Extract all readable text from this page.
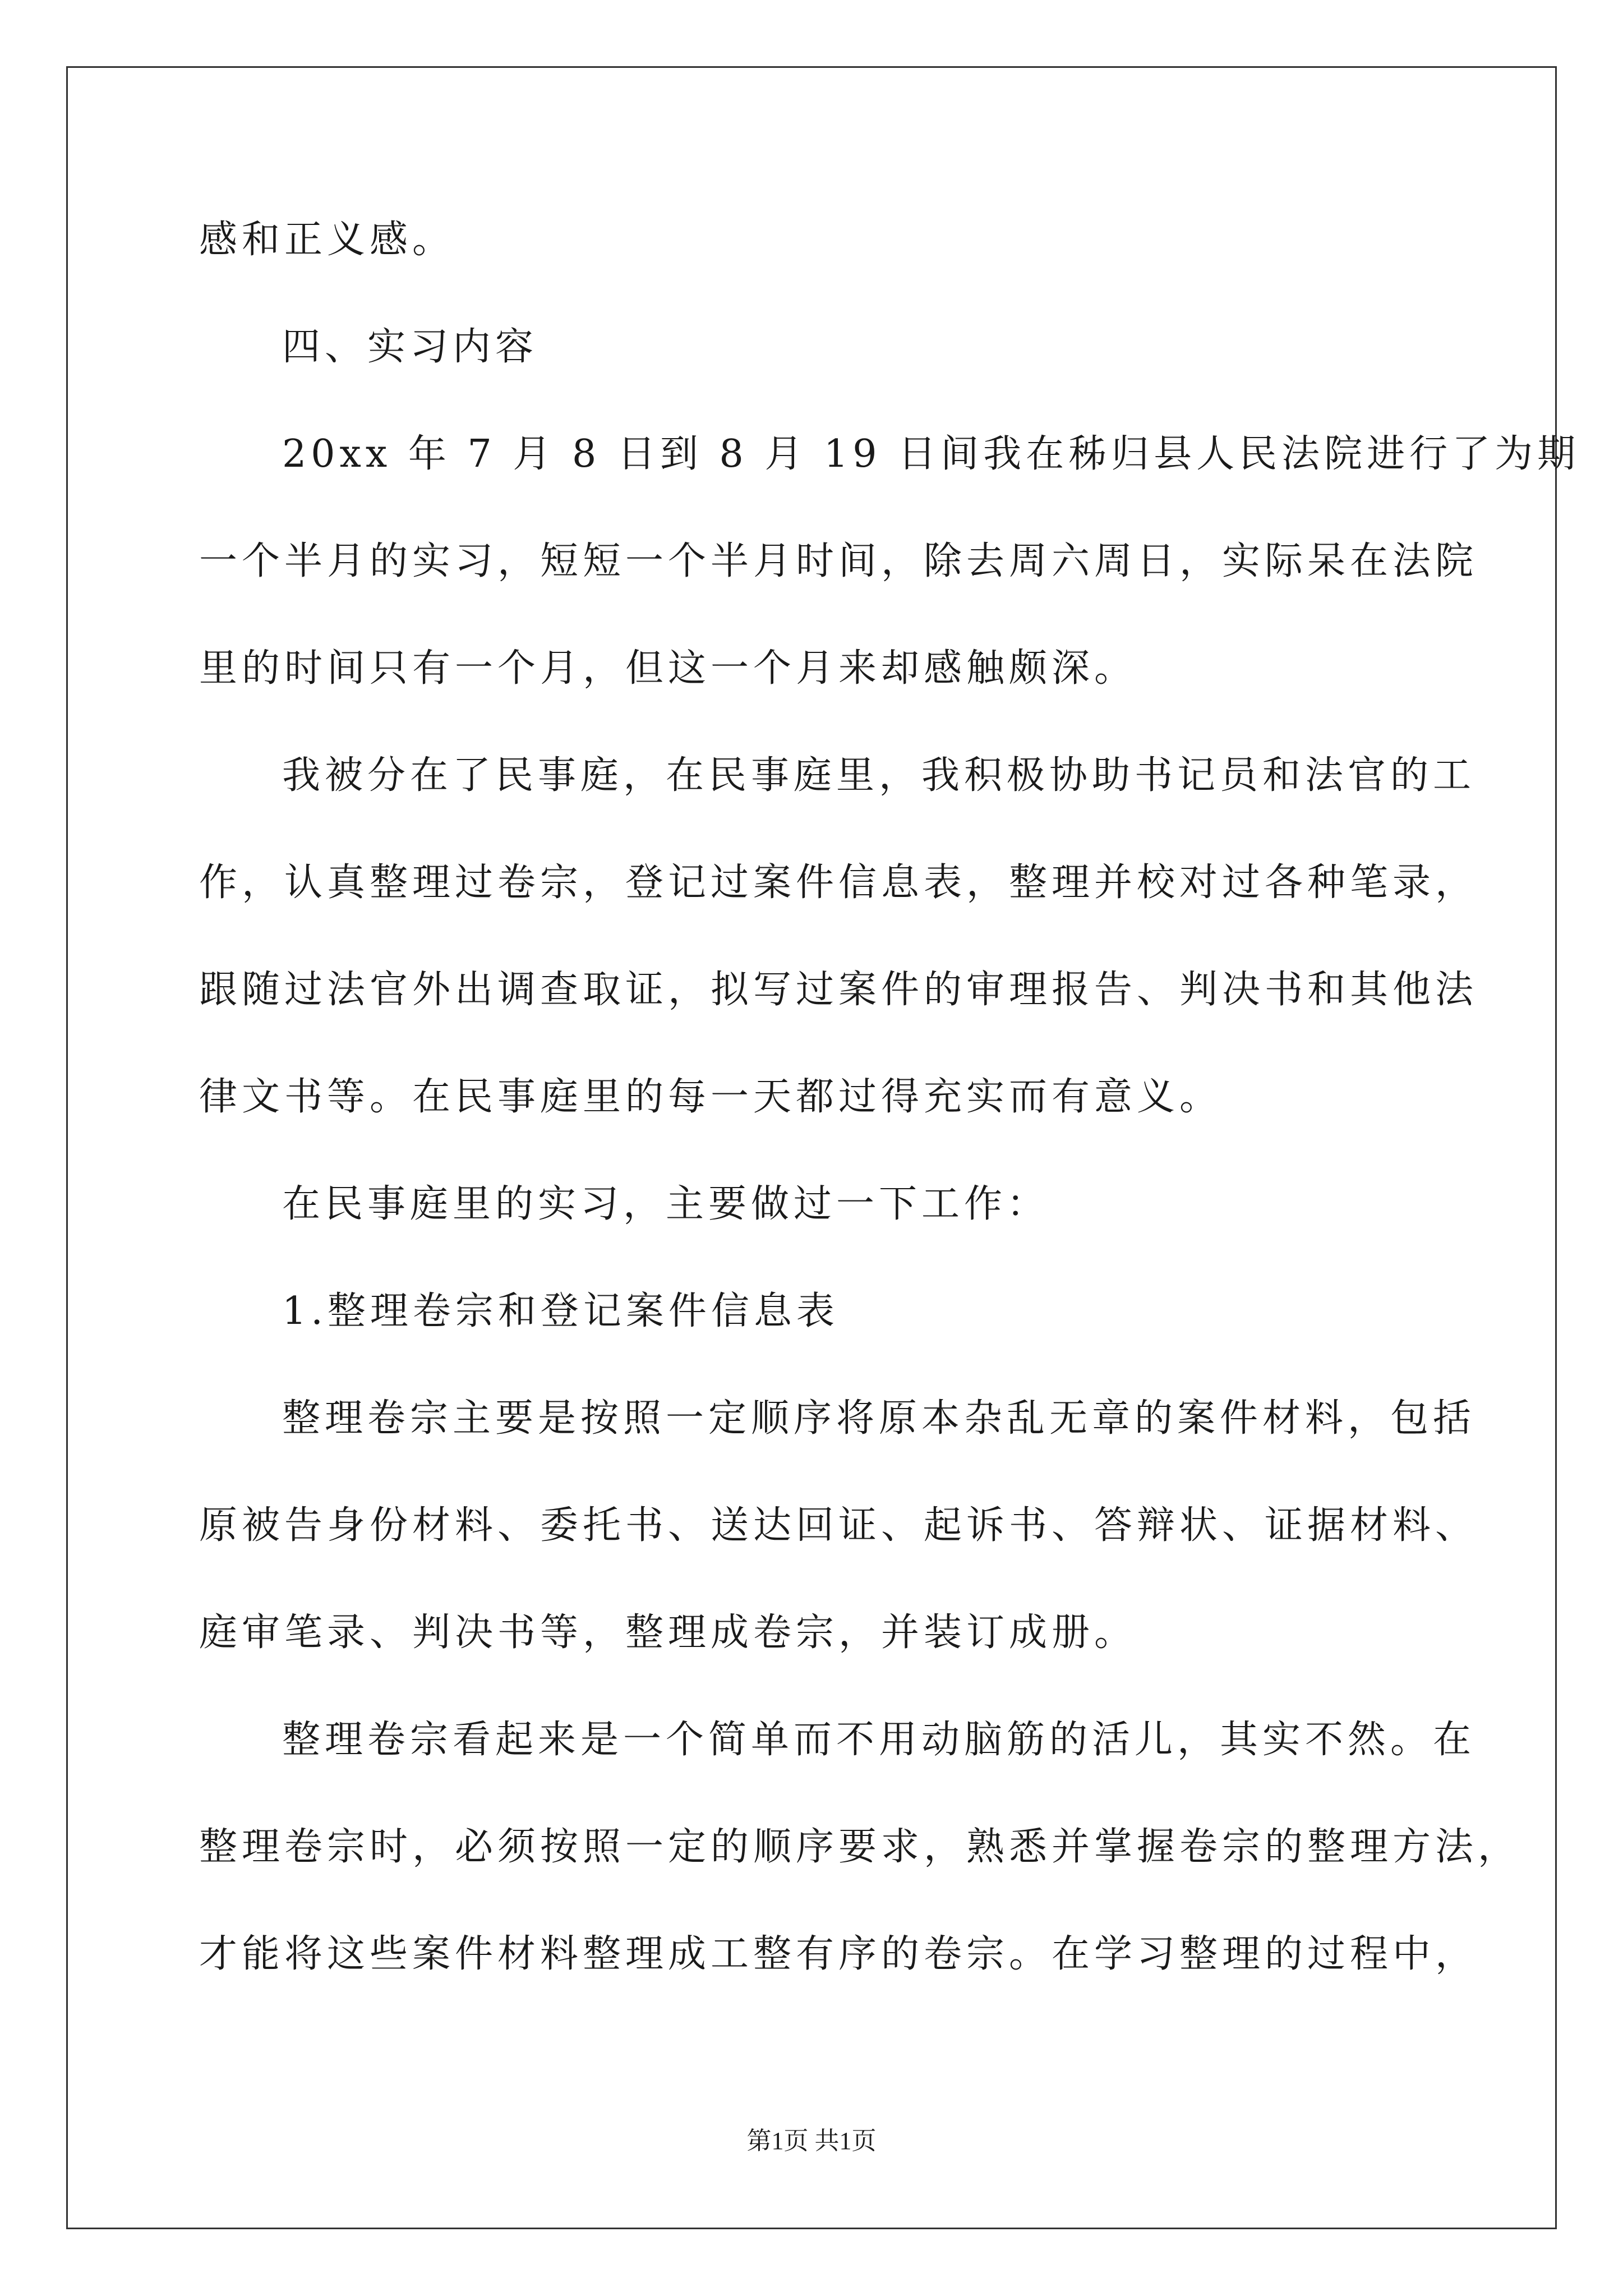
感和正义感。
四、实习内容
20xx 年 7 月 8 日到 8 月 19 日间我在秭归县人民法院进行了为期
一个半月的实习，短短一个半月时间，除去周六周日，实际呆在法院
里的时间只有一个月，但这一个月来却感触颇深。
我被分在了民事庭，在民事庭里，我积极协助书记员和法官的工
作，认真整理过卷宗，登记过案件信息表，整理并校对过各种笔录，
跟随过法官外出调查取证，拟写过案件的审理报告、判决书和其他法
律文书等。在民事庭里的每一天都过得充实而有意义。
在民事庭里的实习，主要做过一下工作：
1.整理卷宗和登记案件信息表
整理卷宗主要是按照一定顺序将原本杂乱无章的案件材料，包括
原被告身份材料、委托书、送达回证、起诉书、答辩状、证据材料、
庭审笔录、判决书等，整理成卷宗，并装订成册。
整理卷宗看起来是一个简单而不用动脑筋的活儿，其实不然。在
整理卷宗时，必须按照一定的顺序要求，熟悉并掌握卷宗的整理方法，
才能将这些案件材料整理成工整有序的卷宗。在学习整理的过程中，
第1页 共1页
